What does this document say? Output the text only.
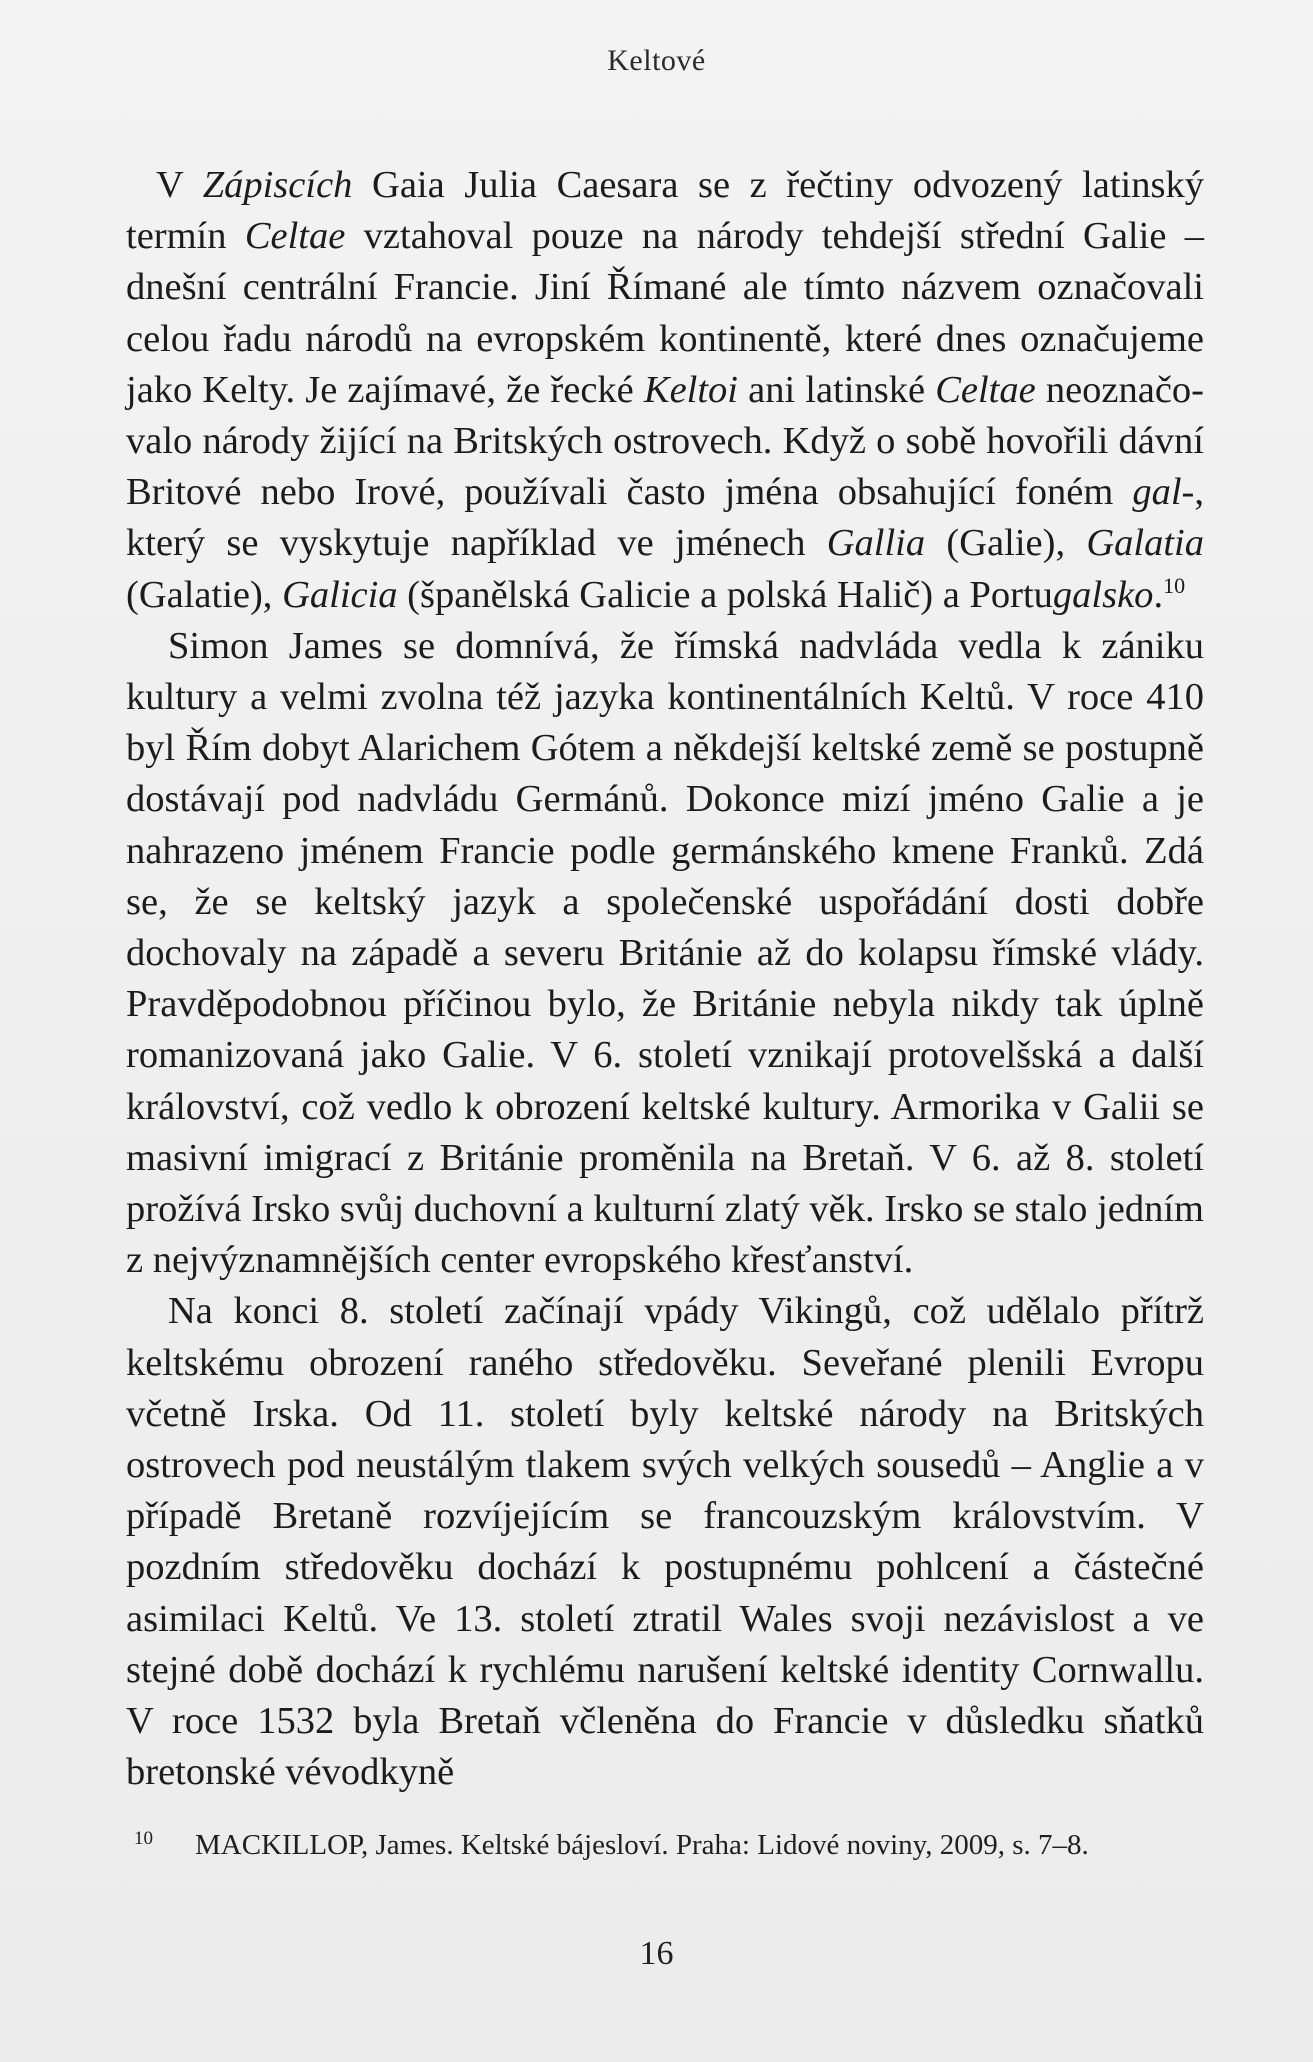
Keltové

V Zápiscích Gaia Julia Caesara se z řečtiny odvozený latinský termín Celtae vztahoval pouze na národy tehdejší střední Galie – dnešní centrální Francie. Jiní Římané ale tímto názvem označovali celou řadu národů na evropském kontinentě, které dnes označujeme jako Kelty. Je zajímavé, že řecké Keltoi ani latinské Celtae neoznačovalo národy žijící na Britských ostrovech. Když o sobě hovořili dávní Britové nebo Irové, používali často jména obsahující foném gal-, který se vyskytuje například ve jménech Gallia (Galie), Galatia (Galatie), Galicia (španělská Galicie a polská Halič) a Portugalsko.$^{10}$

Simon James se domnívá, že římská nadvláda vedla k zániku kultury a velmi zvolna též jazyka kontinentálních Keltů. V roce 410 byl Řím dobyt Alarichem Gótem a někdejší keltské země se postupně dostávají pod nadvládu Germánů. Dokonce mizí jméno Galie a je nahrazeno jménem Francie podle germánského kmene Franků. Zdá se, že se keltský jazyk a společenské uspořádání dosti dobře dochovaly na západě a severu Británie až do kolapsu římské vlády. Pravděpodobnou příčinou bylo, že Británie nebyla nikdy tak úplně romanizovaná jako Galie. V 6. století vznikají protovelšská a další království, což vedlo k obrození keltské kultury. Armorika v Galii se masivní imigrací z Británie proměnila na Bretaň. V 6. až 8. století prožívá Irsko svůj duchovní a kulturní zlatý věk. Irsko se stalo jedním z nejvýznamnějších center evropského křesťanství.

Na konci 8. století začínají vpády Vikingů, což udělalo přítrž keltskému obrození raného středověku. Seveřané plenili Evropu včetně Irska. Od 11. století byly keltské národy na Britských ostrovech pod neustálým tlakem svých velkých sousedů – Anglie a v případě Bretaně rozvíjejícím se francouzským královstvím. V pozdním středověku dochází k postupnému pohlcení a částečné asimilaci Keltů. Ve 13. století ztratil Wales svoji nezávislost a ve stejné době dochází k rychlému narušení keltské identity Cornwallu. V roce 1532 byla Bretaň včleněna do Francie v důsledku sňatků bretonské vévodkyně

10 MACKILLOP, James. Keltské bájesloví. Praha: Lidové noviny, 2009, s. 7–8.
16
